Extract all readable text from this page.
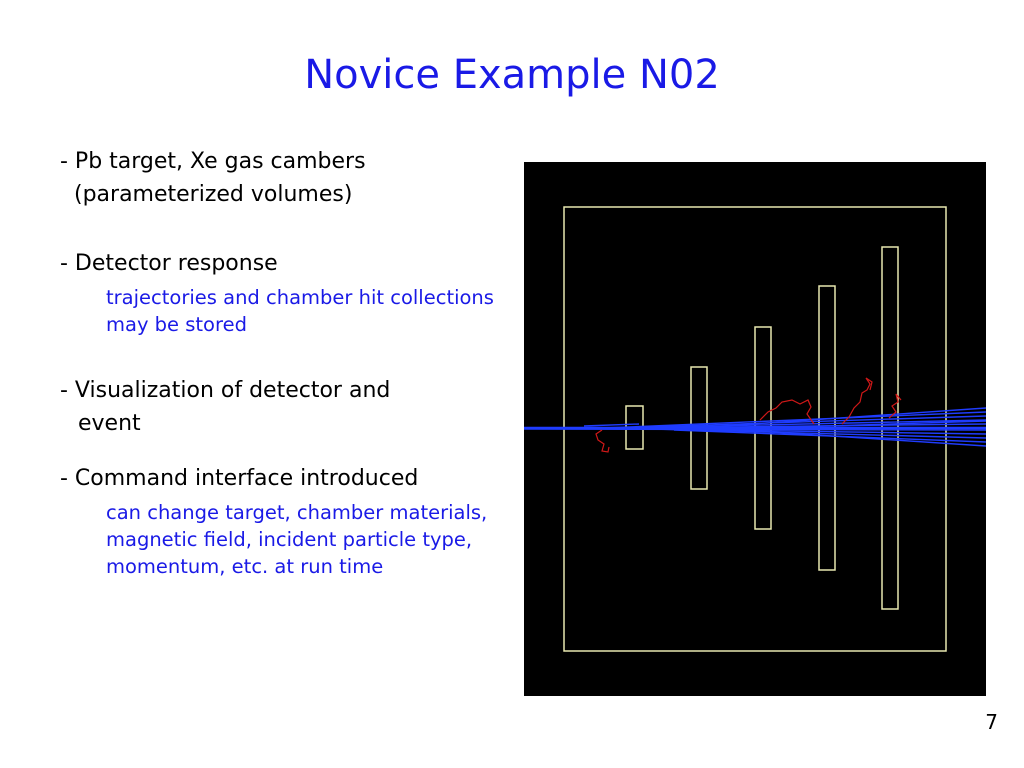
Novice Example N02

- Pb target, Xe gas cambers

(parameterized volumes)

- Detector response

trajectories and chamber hit collections may be stored

- Visualization of detector and

event

- Command interface introduced

can change target, chamber materials, magnetic field, incident particle type, momentum, etc. at run time

7
